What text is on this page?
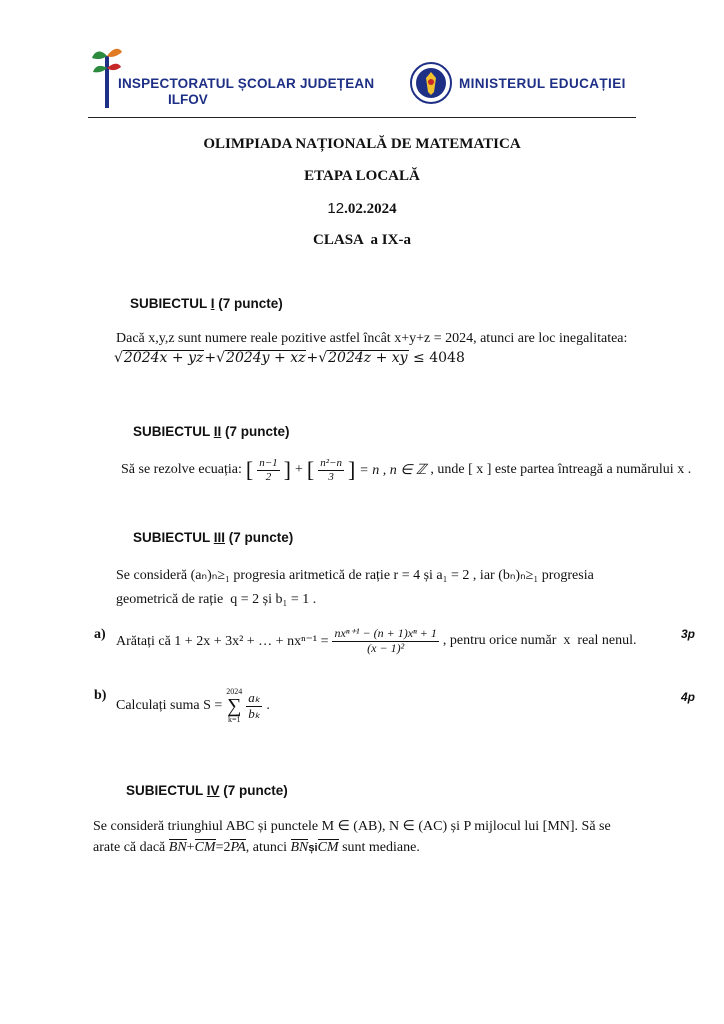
INSPECTORATUL ȘCOLAR JUDEȚEAN
ILFOV
MINISTERUL EDUCAȚIEI
OLIMPIADA NAȚIONALĂ DE MATEMATICA
ETAPA LOCALĂ
12.02.2024
CLASA  a IX-a
SUBIECTUL I (7 puncte)
Dacă x,y,z sunt numere reale pozitive astfel încât x+y+z = 2024, atunci are loc inegalitatea:
√2024x + yz+√2024y + xz+√2024z + xy ≤ 4048
SUBIECTUL II (7 puncte)
Să se rezolve ecuația: [ $\frac{n-1}{2}$ ] + [ $\frac{\text{n²−n}}{3}$ ] = n , n ∈ ℤ , unde [ x ] este partea întreagă a numărului x .
SUBIECTUL III (7 puncte)
Se consideră (aₙ)ₙ≥₁ progresia aritmetică de rație r = 4 și a₁ = 2 , iar (bₙ)ₙ≥₁ progresia
geometrică de rație  q = 2 și b₁ = 1 .
a) Arătați că 1 + 2x + 3x² + … + $nx^{n-1} = \frac{\text{nxⁿ⁺¹ − (n + 1)xⁿ + 1}}{\text{(x − 1)²}}$ , pentru orice număr  x  real nenul.	3p
b)
Calculați suma S =
2024
∑
$k=1 \frac{\text{aₖ}}{\text{bₖ}}$ .
4p
SUBIECTUL IV (7 puncte)
Se consideră triunghiul ABC și punctele M ∈ (AB), N ∈ (AC) și P mijlocul lui [MN]. Să se
arate că dacă BN+CM=2PA, atunci BNșiCM sunt mediane.
